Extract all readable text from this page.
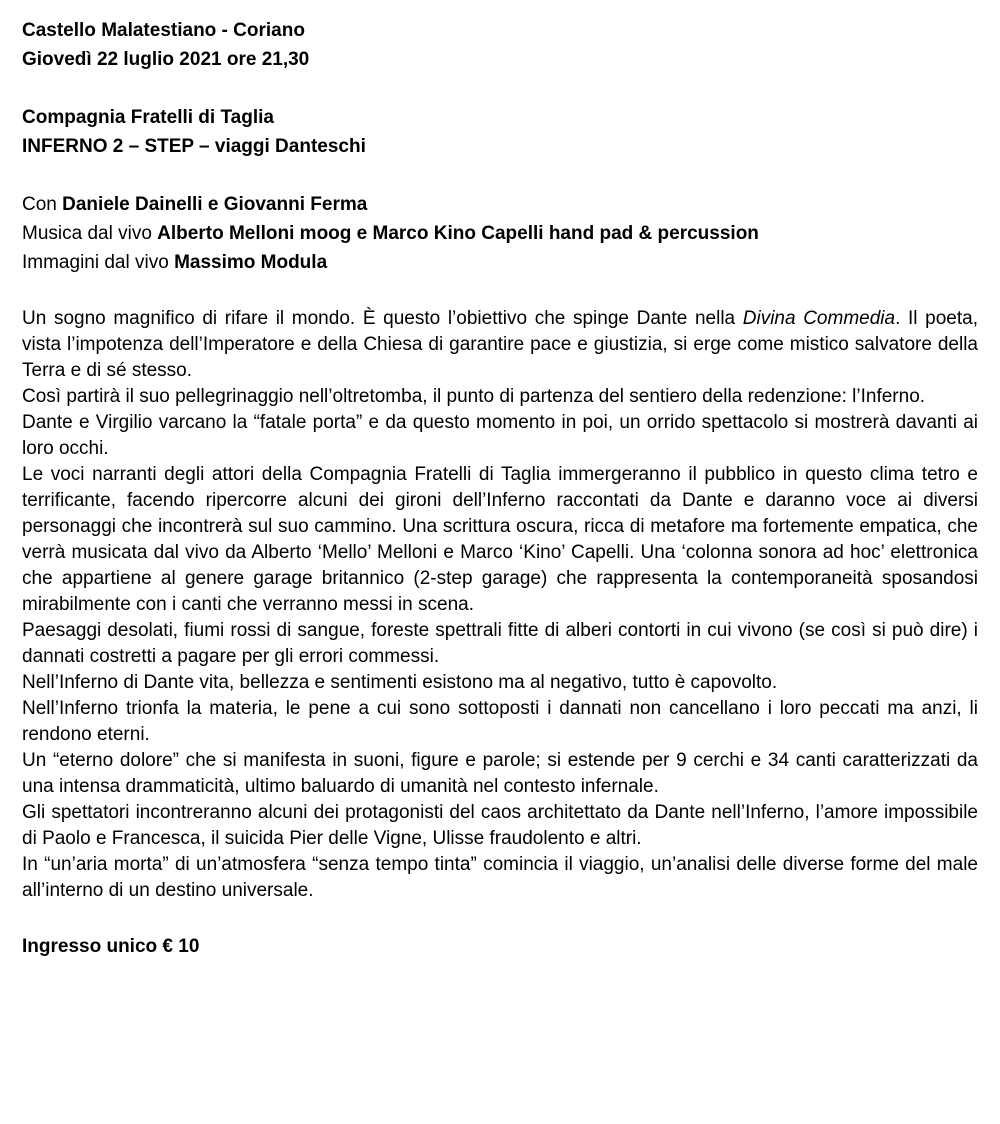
Castello Malatestiano - Coriano

Giovedì 22 luglio 2021 ore 21,30

Compagnia Fratelli di Taglia

INFERNO 2 – STEP – viaggi Danteschi

Con Daniele Dainelli e Giovanni Ferma

Musica dal vivo Alberto Melloni moog e Marco Kino Capelli hand pad & percussion

Immagini dal vivo Massimo Modula

Un sogno magnifico di rifare il mondo. È questo l’obiettivo che spinge Dante nella Divina Commedia. Il poeta, vista l’impotenza dell’Imperatore e della Chiesa di garantire pace e giustizia, si erge come mistico salvatore della Terra e di sé stesso.

Così partirà il suo pellegrinaggio nell’oltretomba, il punto di partenza del sentiero della redenzione: l’Inferno.

Dante e Virgilio varcano la “fatale porta” e da questo momento in poi, un orrido spettacolo si mostrerà davanti ai loro occhi.

Le voci narranti degli attori della Compagnia Fratelli di Taglia immergeranno il pubblico in questo clima tetro e terrificante, facendo ripercorre alcuni dei gironi dell’Inferno raccontati da Dante e daranno voce ai diversi personaggi che incontrerà sul suo cammino. Una scrittura oscura, ricca di metafore ma fortemente empatica, che verrà musicata dal vivo da Alberto ‘Mello’ Melloni e Marco ‘Kino’ Capelli. Una ‘colonna sonora ad hoc’ elettronica che appartiene al genere garage britannico (2-step garage) che rappresenta la contemporaneità sposandosi mirabilmente con i canti che verranno messi in scena.

Paesaggi desolati, fiumi rossi di sangue, foreste spettrali fitte di alberi contorti in cui vivono (se così si può dire) i dannati costretti a pagare per gli errori commessi.

Nell’Inferno di Dante vita, bellezza e sentimenti esistono ma al negativo, tutto è capovolto.

Nell’Inferno trionfa la materia, le pene a cui sono sottoposti i dannati non cancellano i loro peccati ma anzi, li rendono eterni.

Un “eterno dolore” che si manifesta in suoni, figure e parole; si estende per 9 cerchi e 34 canti caratterizzati da una intensa drammaticità, ultimo baluardo di umanità nel contesto infernale.

Gli spettatori incontreranno alcuni dei protagonisti del caos architettato da Dante nell’Inferno, l’amore impossibile di Paolo e Francesca, il suicida Pier delle Vigne, Ulisse fraudolento e altri.

In “un’aria morta” di un’atmosfera “senza tempo tinta” comincia il viaggio, un’analisi delle diverse forme del male all’interno di un destino universale.

Ingresso unico € 10
